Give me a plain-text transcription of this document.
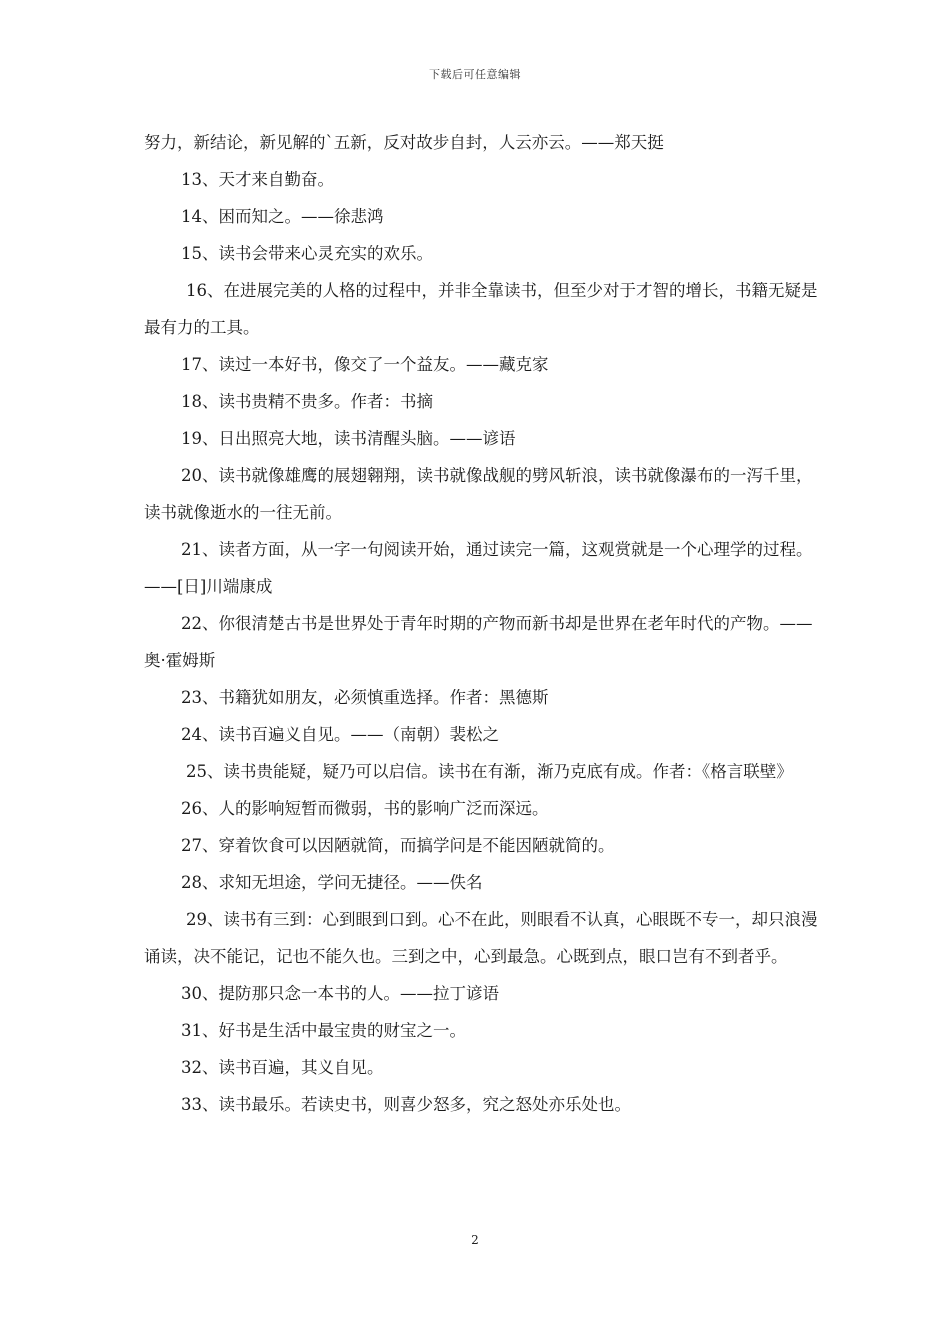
下载后可任意编辑

努力，新结论，新见解的`五新，反对故步自封，人云亦云。——郑天挺

13、天才来自勤奋。

14、困而知之。——徐悲鸿

15、读书会带来心灵充实的欢乐。

16、在进展完美的人格的过程中，并非全靠读书，但至少对于才智的增长，书籍无疑是最有力的工具。

17、读过一本好书，像交了一个益友。——藏克家

18、读书贵精不贵多。作者：书摘

19、日出照亮大地，读书清醒头脑。——谚语

20、读书就像雄鹰的展翅翱翔，读书就像战舰的劈风斩浪，读书就像瀑布的一泻千里，读书就像逝水的一往无前。

21、读者方面，从一字一句阅读开始，通过读完一篇，这观赏就是一个心理学的过程。——[日]川端康成

22、你很清楚古书是世界处于青年时期的产物而新书却是世界在老年时代的产物。——奥·霍姆斯

23、书籍犹如朋友，必须慎重选择。作者：黑德斯

24、读书百遍义自见。——（南朝）裴松之

25、读书贵能疑，疑乃可以启信。读书在有渐，渐乃克底有成。作者：《格言联壁》

26、人的影响短暂而微弱，书的影响广泛而深远。

27、穿着饮食可以因陋就简，而搞学问是不能因陋就简的。

28、求知无坦途，学问无捷径。——佚名

29、读书有三到：心到眼到口到。心不在此，则眼看不认真，心眼既不专一，却只浪漫诵读，决不能记，记也不能久也。三到之中，心到最急。心既到点，眼口岂有不到者乎。

30、提防那只念一本书的人。——拉丁谚语

31、好书是生活中最宝贵的财宝之一。

32、读书百遍，其义自见。

33、读书最乐。若读史书，则喜少怒多，究之怒处亦乐处也。

2
